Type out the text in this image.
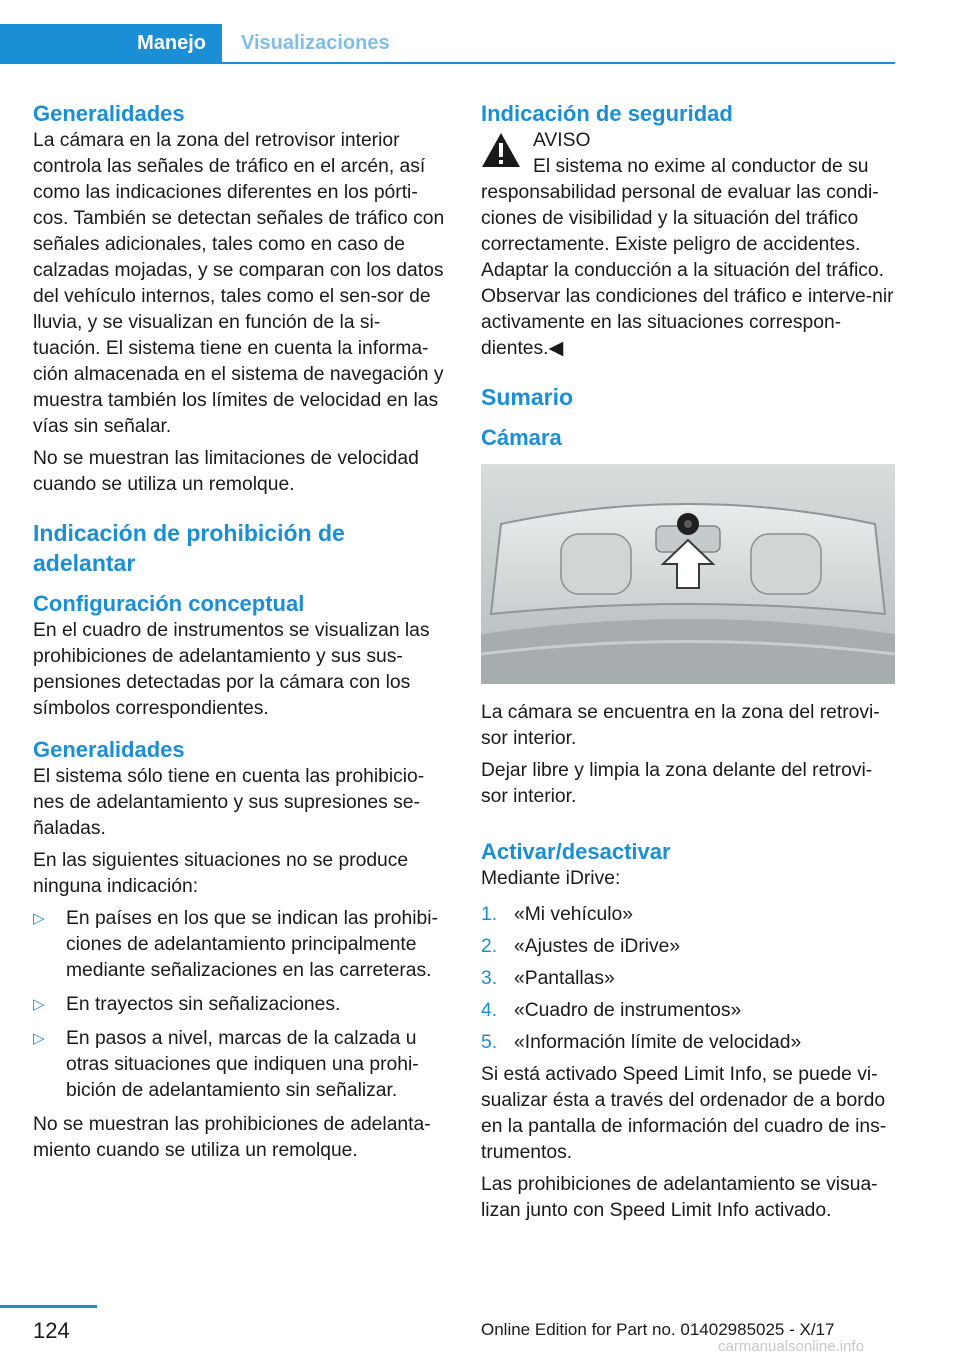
Manejo	Visualizaciones
Generalidades

La cámara en la zona del retrovisor interior controla las señales de tráfico en el arcén, así como las indicaciones diferentes en los pórti-cos. También se detectan señales de tráfico con señales adicionales, tales como en caso de calzadas mojadas, y se comparan con los datos del vehículo internos, tales como el sen-sor de lluvia, y se visualizan en función de la si-tuación. El sistema tiene en cuenta la informa-ción almacenada en el sistema de navegación y muestra también los límites de velocidad en las vías sin señalar.

No se muestran las limitaciones de velocidad cuando se utiliza un remolque.

Indicación de prohibición de adelantar
Configuración conceptual

En el cuadro de instrumentos se visualizan las prohibiciones de adelantamiento y sus sus-pensiones detectadas por la cámara con los símbolos correspondientes.

Generalidades

El sistema sólo tiene en cuenta las prohibicio-nes de adelantamiento y sus supresiones se-ñaladas.

En las siguientes situaciones no se produce ninguna indicación:

▷ En países en los que se indican las prohibi-ciones de adelantamiento principalmente mediante señalizaciones en las carreteras.
▷ En trayectos sin señalizaciones.
▷ En pasos a nivel, marcas de la calzada u otras situaciones que indiquen una prohi-bición de adelantamiento sin señalizar.

No se muestran las prohibiciones de adelanta-miento cuando se utiliza un remolque.

Indicación de seguridad
AVISO
El sistema no exime al conductor de su responsabilidad personal de evaluar las condi-ciones de visibilidad y la situación del tráfico correctamente. Existe peligro de accidentes. Adaptar la conducción a la situación del tráfico. Observar las condiciones del tráfico e interve-nir activamente en las situaciones correspon-dientes.◀
Sumario
Cámara

La cámara se encuentra en la zona del retrovi-sor interior.

Dejar libre y limpia la zona delante del retrovi-sor interior.

Activar/desactivar

Mediante iDrive:

1. «Mi vehículo»
2. «Ajustes de iDrive»
3. «Pantallas»
4. «Cuadro de instrumentos»
5. «Información límite de velocidad»

Si está activado Speed Limit Info, se puede vi-sualizar ésta a través del ordenador de a bordo en la pantalla de información del cuadro de ins-trumentos.

Las prohibiciones de adelantamiento se visua-lizan junto con Speed Limit Info activado.

124	Online Edition for Part no. 01402985025 - X/17
carmanualsonline.info
